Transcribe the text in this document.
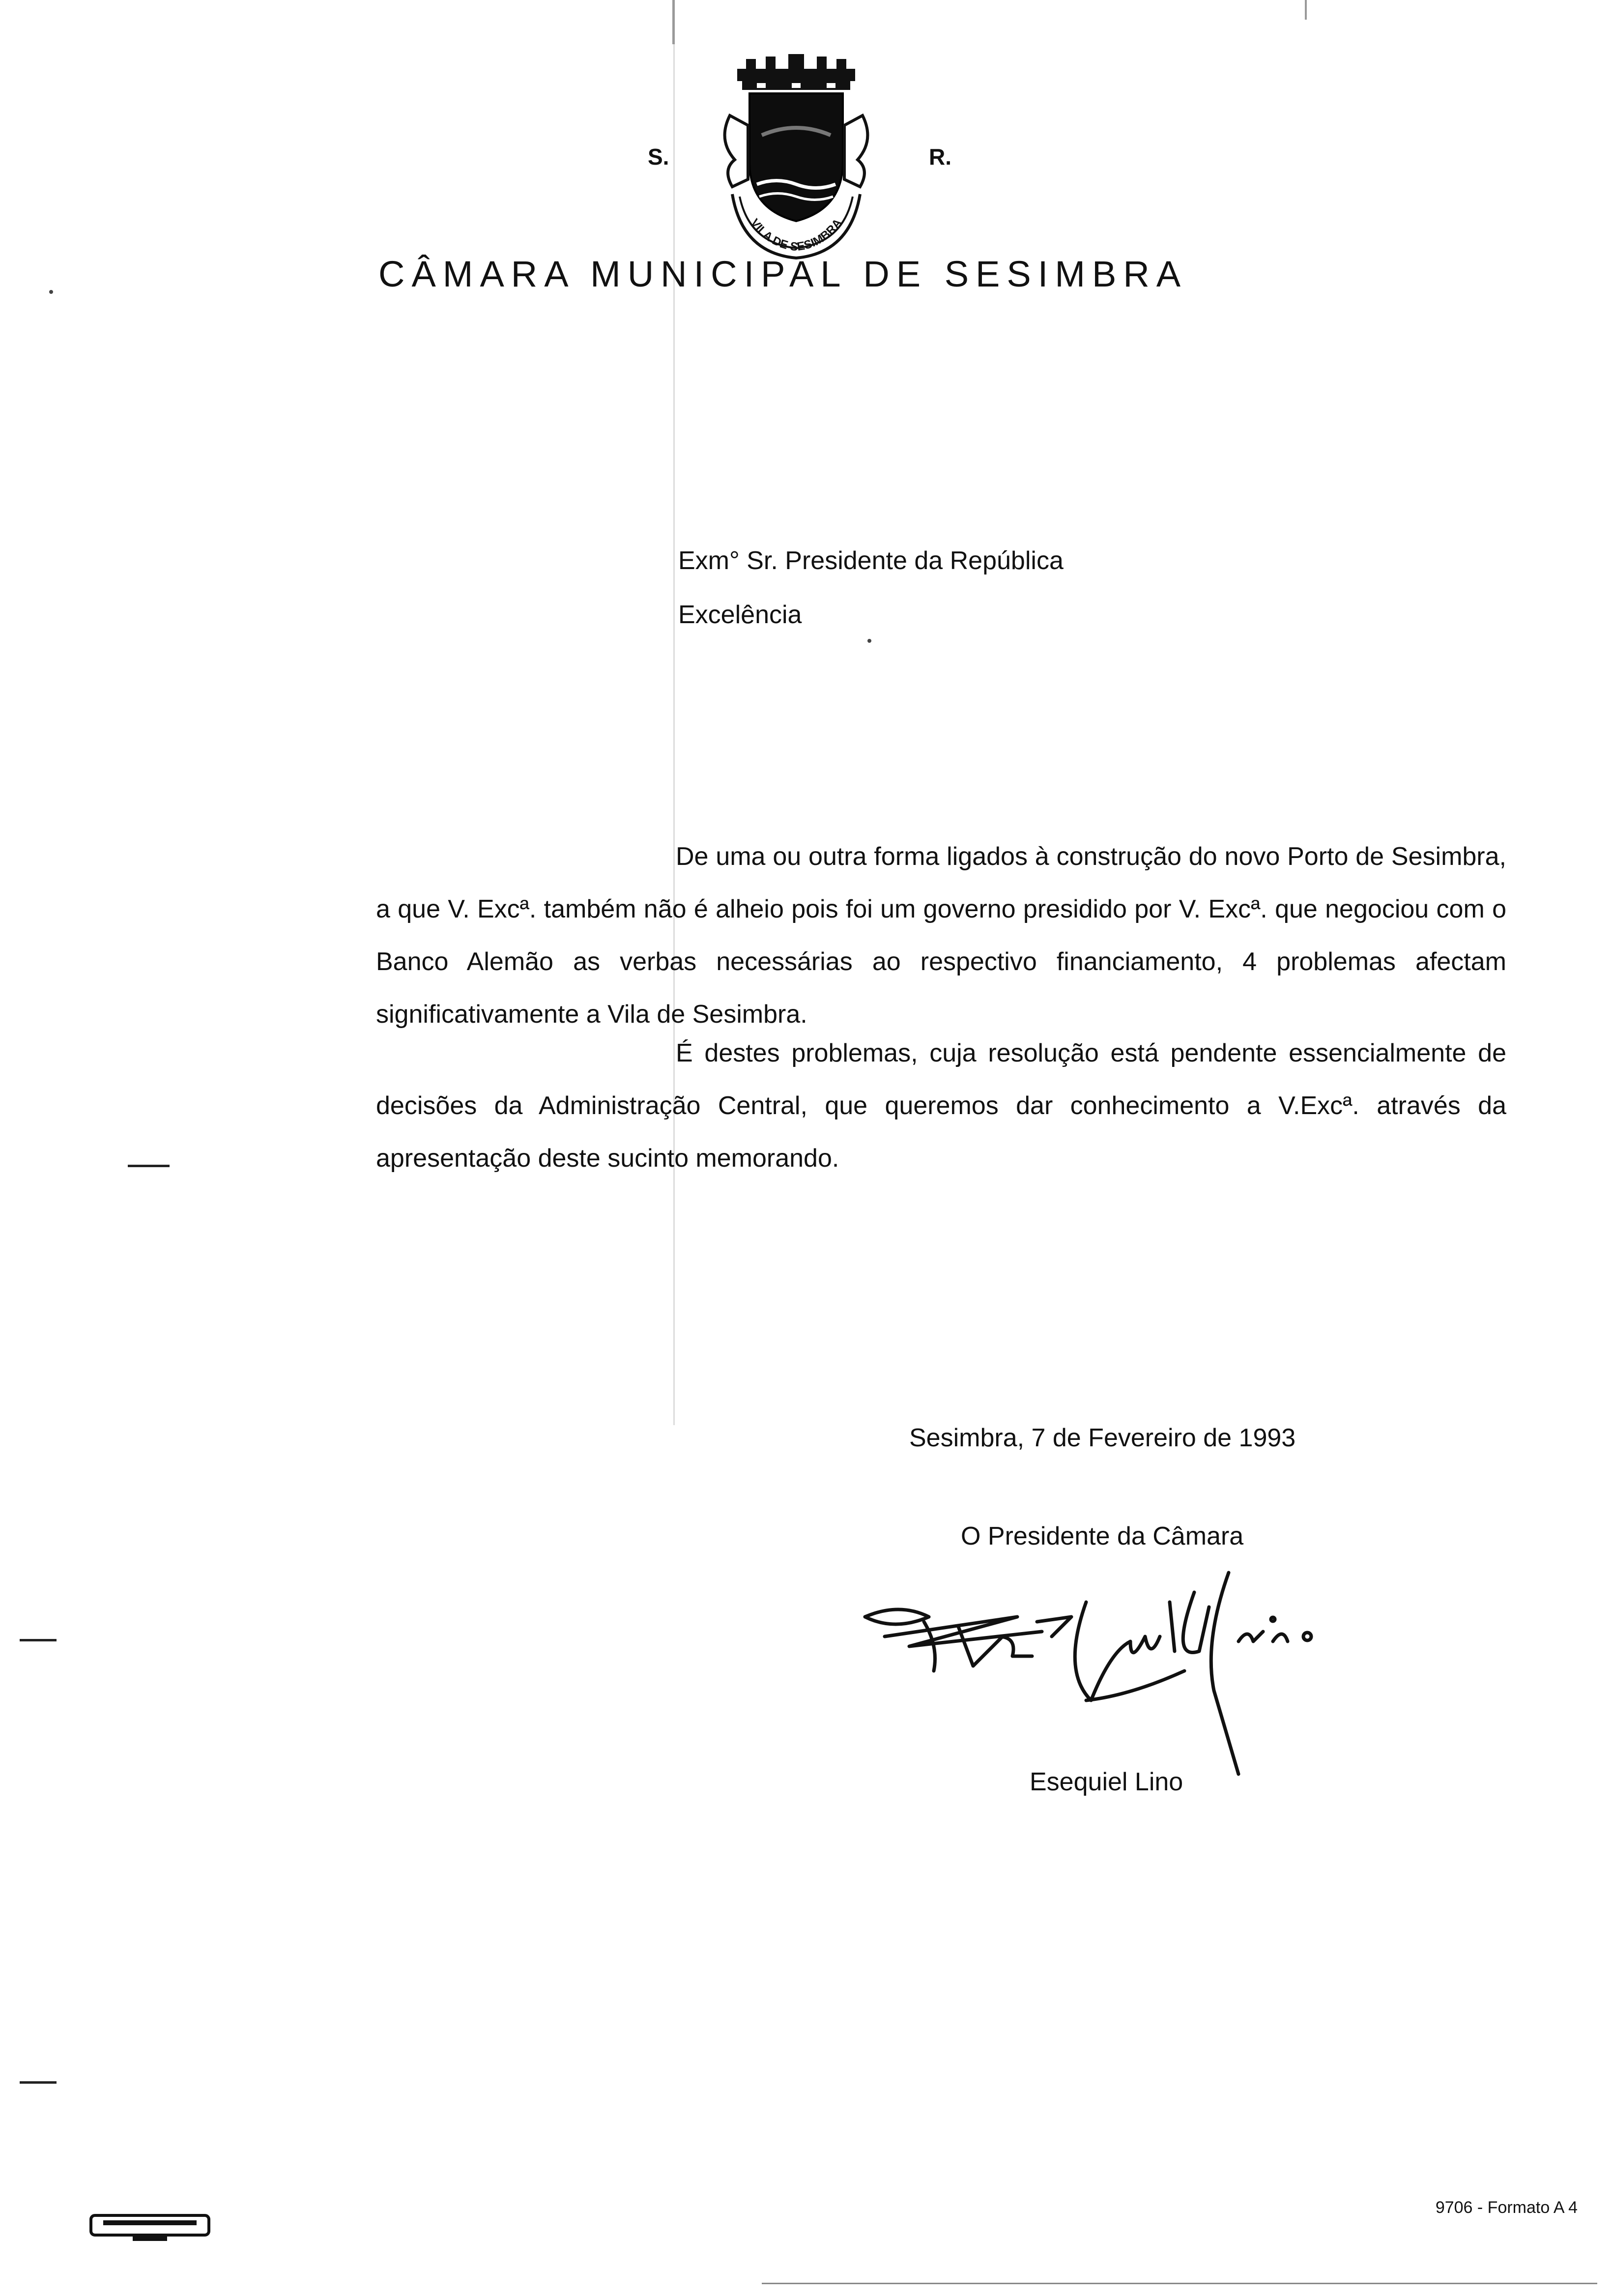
S.	R.
VILA DE SESIMBRA
CÂMARA MUNICIPAL DE SESIMBRA
Exm° Sr. Presidente da República
Excelência
De uma ou outra forma ligados à construção do novo Porto de Sesimbra, a que V. Excª. também não é alheio pois foi um governo presidido por V. Excª. que negociou com o Banco Alemão as verbas necessárias ao respectivo financiamento, 4 problemas afectam significativamente a Vila de Sesimbra.
É destes problemas, cuja resolução está pendente essencialmente de decisões da Administração Central, que queremos dar conhecimento a V.Excª. através da apresentação deste sucinto memorando.
Sesimbra, 7 de Fevereiro de 1993
O Presidente da Câmara
Esequiel Lino
9706 - Formato A 4
